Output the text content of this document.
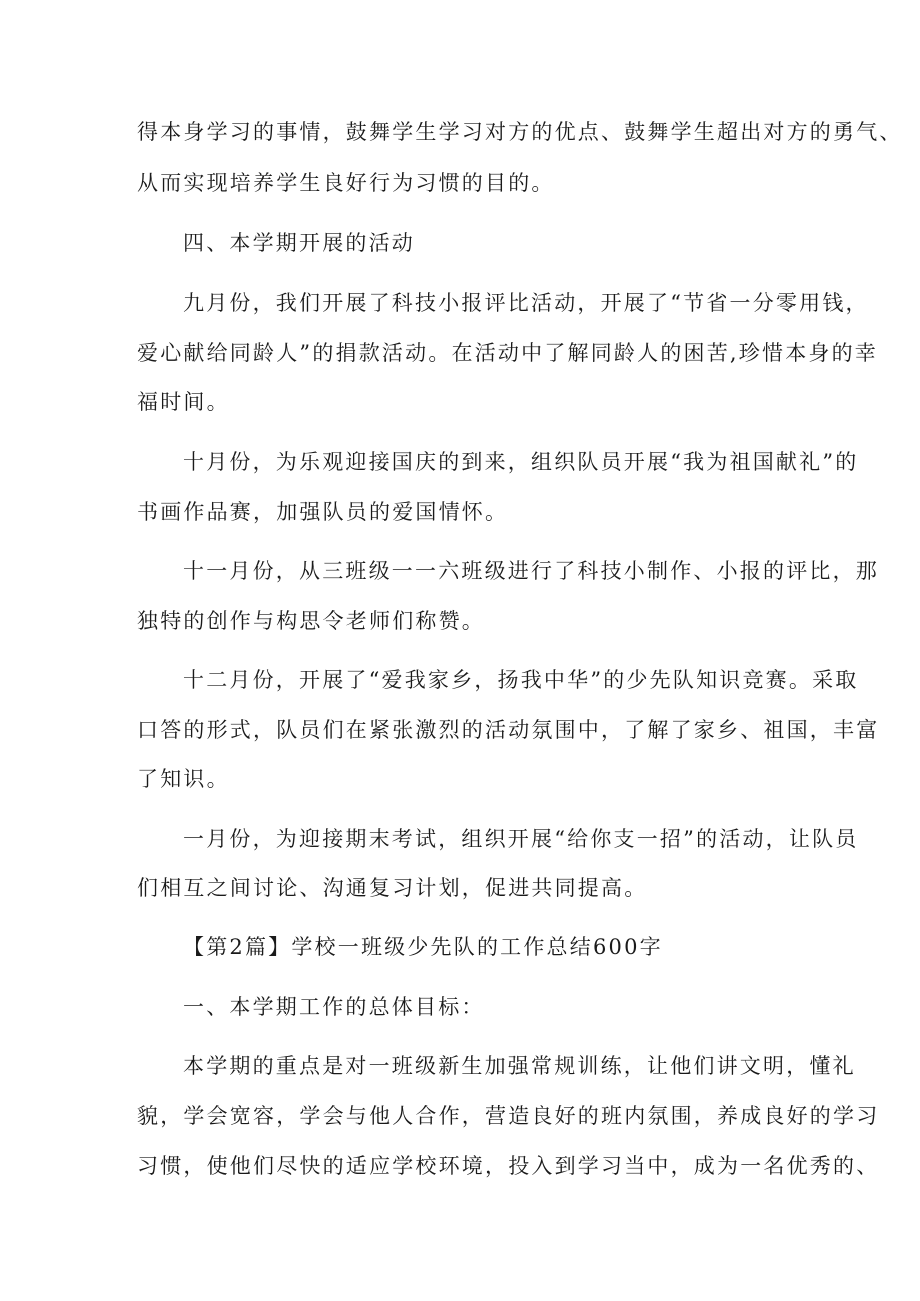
得本身学习的事情，鼓舞学生学习对方的优点、鼓舞学生超出对方的勇气、
从而实现培养学生良好行为习惯的目的。
四、本学期开展的活动
九月份，我们开展了科技小报评比活动，开展了“节省一分零用钱，
爱心献给同龄人”的捐款活动。在活动中了解同龄人的困苦,珍惜本身的幸
福时间。
十月份，为乐观迎接国庆的到来，组织队员开展“我为祖国献礼”的
书画作品赛，加强队员的爱国情怀。
十一月份，从三班级一一六班级进行了科技小制作、小报的评比，那
独特的创作与构思令老师们称赞。
十二月份，开展了“爱我家乡，扬我中华”的少先队知识竞赛。采取
口答的形式，队员们在紧张激烈的活动氛围中，了解了家乡、祖国，丰富
了知识。
一月份，为迎接期末考试，组织开展“给你支一招”的活动，让队员
们相互之间讨论、沟通复习计划，促进共同提高。
【第2篇】学校一班级少先队的工作总结600字
一、本学期工作的总体目标：
本学期的重点是对一班级新生加强常规训练，让他们讲文明，懂礼
貌，学会宽容，学会与他人合作，营造良好的班内氛围，养成良好的学习
习惯，使他们尽快的适应学校环境，投入到学习当中，成为一名优秀的、
